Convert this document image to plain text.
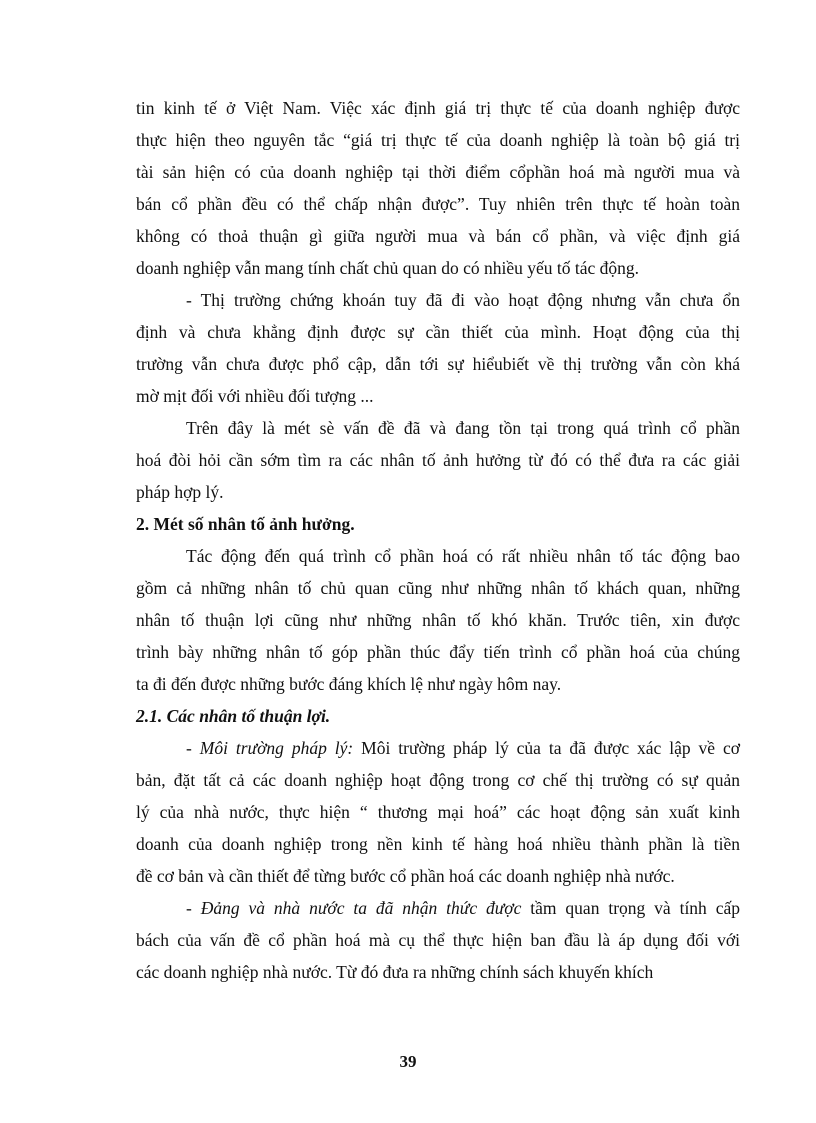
tin kinh tế ở Việt Nam. Việc xác định giá trị thực tế của doanh nghiệp được
thực hiện theo nguyên tắc “giá trị thực tế của doanh nghiệp là toàn bộ giá trị
tài sản hiện có của doanh nghiệp tại thời điểm cổphần hoá mà người mua và
bán cổ phần đều có thể chấp nhận được”. Tuy nhiên trên thực tế hoàn toàn
không có thoả thuận gì giữa người mua và bán cổ phần, và việc định giá
doanh nghiệp vẫn mang tính chất chủ quan do có nhiều yếu tố tác động.
- Thị trường chứng khoán tuy đã đi vào hoạt động nhưng vẫn chưa ổn
định và chưa khẳng định được sự cần thiết của mình. Hoạt động của thị
trường vẫn chưa được phổ cập, dẫn tới sự hiểubiết về thị trường vẫn còn khá
mờ mịt đối với nhiều đối tượng ...
Trên đây là mét sè vấn đề đã và đang tồn tại trong quá trình cổ phần
hoá đòi hỏi cần sớm tìm ra các nhân tố ảnh hưởng từ đó có thể đưa ra các giải
pháp hợp lý.
2. Mét số nhân tố ảnh hưởng.
Tác động đến quá trình cổ phần hoá có rất nhiều nhân tố tác động bao
gồm cả những nhân tố chủ quan cũng như những nhân tố khách quan, những
nhân tố thuận lợi cũng như những nhân tố khó khăn. Trước tiên, xin được
trình bày những nhân tố góp phần thúc đẩy tiến trình cổ phần hoá của chúng
ta đi đến được những bước đáng khích lệ như ngày hôm nay.
2.1. Các nhân tố thuận lợi.
- Môi trường pháp lý: Môi trường pháp lý của ta đã được xác lập về cơ
bản, đặt tất cả các doanh nghiệp hoạt động trong cơ chế thị trường có sự quản
lý của nhà nước, thực hiện “ thương mại hoá” các hoạt động sản xuất kinh
doanh của doanh nghiệp trong nền kinh tế hàng hoá nhiều thành phần là tiền
đề cơ bản và cần thiết để từng bước cổ phần hoá các doanh nghiệp nhà nước.
- Đảng và nhà nước ta đã nhận thức được tầm quan trọng và tính cấp
bách của vấn đề cổ phần hoá mà cụ thể thực hiện ban đầu là áp dụng đối với
các doanh nghiệp nhà nước. Từ đó đưa ra những chính sách khuyến khích
39
